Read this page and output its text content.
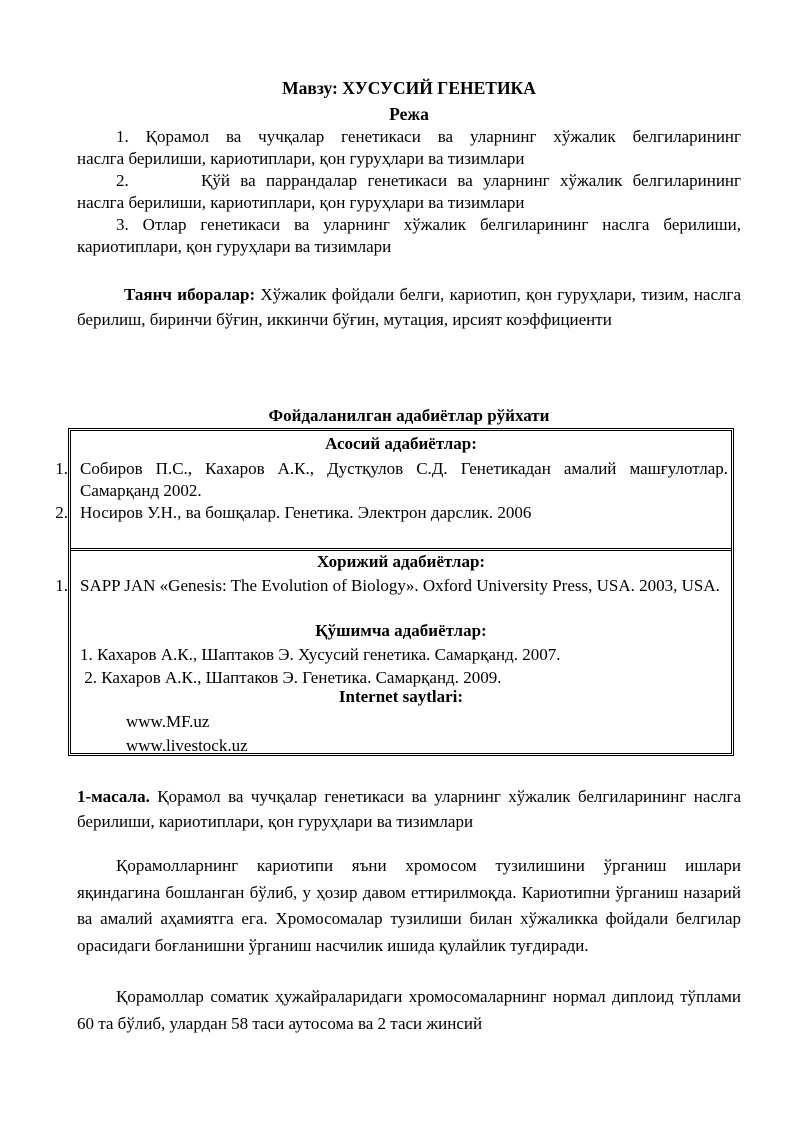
Мавзу: ХУСУСИЙ ГЕНЕТИКА
Режа

1. Қорамол ва чучқалар генетикаси ва уларнинг хўжалик белгиларининг
наслга берилиши, кариотиплари, қон гуруҳлари ва тизимлари

2.       Қўй ва паррандалар генетикаси ва уларнинг хўжалик белгиларининг
наслга берилиши, кариотиплари, қон гуруҳлари ва тизимлари

3. Отлар генетикаси ва уларнинг хўжалик белгиларининг наслга берилиши,
кариотиплари, қон гуруҳлари ва тизимлари

Таянч иборалар: Хўжалик фойдали белги, кариотип, қон гуруҳлари, тизим, наслга берилиш, биринчи бўғин, иккинчи бўғин, мутация, ирсият коэффициенти
Фойдаланилган адабиётлар рўйхати
Асосий адабиётлар:
1. Собиров П.С., Кахаров А.К., Дустқулов С.Д. Генетикадан амалий машғулотлар. Самарқанд 2002.
2. Носиров У.Н., ва бошқалар. Генетика. Электрон дарслик. 2006
Хорижий адабиётлар:
1. SAPP JAN «Genesis: The Evolution of Biology». Oxford University Press, USA. 2003, USA.
Қўшимча адабиётлар:
1. Кахаров А.К., Шаптаков Э. Хусусий генетика. Самарқанд. 2007.
2. Кахаров А.К., Шаптаков Э. Генетика. Самарқанд. 2009.
Internet saytlari:
www.MF.uz
www.livestock.uz
1-масала. Қорамол ва чучқалар генетикаси ва уларнинг хўжалик белгиларининг наслга берилиши, кариотиплари, қон гуруҳлари ва тизимлари
Қорамолларнинг кариотипи яъни хромосом тузилишини ўрганиш ишлари яқиндагина бошланган бўлиб, у ҳозир давом еттирилмоқда. Кариотипни ўрганиш назарий ва амалий аҳамиятга ега. Хромосомалар тузилиши билан хўжаликка фойдали белгилар орасидаги боғланишни ўрганиш насчилик ишида қулайлик туғдиради.
Қорамоллар соматик ҳужайраларидаги хромосомаларнинг нормал диплоид тўплами 60 та бўлиб, улардан 58 таси аутосома ва 2 таси жинсий
